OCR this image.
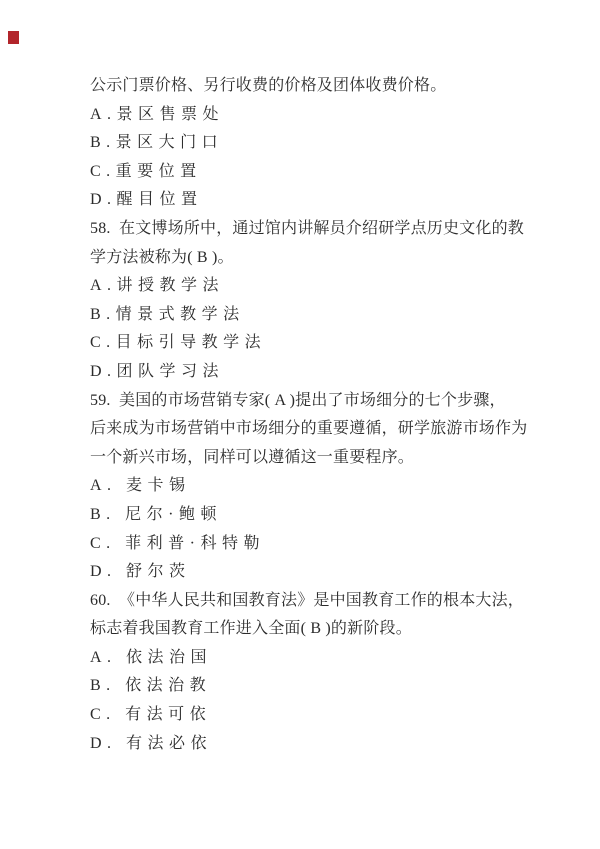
公示门票价格、另行收费的价格及团体收费价格。
A.景区售票处
B.景区大门口
C.重要位置
D.醒目位置
58.  在文博场所中，通过馆内讲解员介绍研学点历史文化的教
学方法被称为( B )。
A.讲授教学法
B.情景式教学法
C.目标引导教学法
D.团队学习法
59.  美国的市场营销专家( A )提出了市场细分的七个步骤，
后来成为市场营销中市场细分的重要遵循，研学旅游市场作为
一个新兴市场，同样可以遵循这一重要程序。
A. 麦卡锡
B. 尼尔·鲍顿
C. 菲利普·科特勒
D. 舒尔茨
60.  《中华人民共和国教育法》是中国教育工作的根本大法，
标志着我国教育工作进入全面( B )的新阶段。
A. 依法治国
B. 依法治教
C. 有法可依
D. 有法必依
